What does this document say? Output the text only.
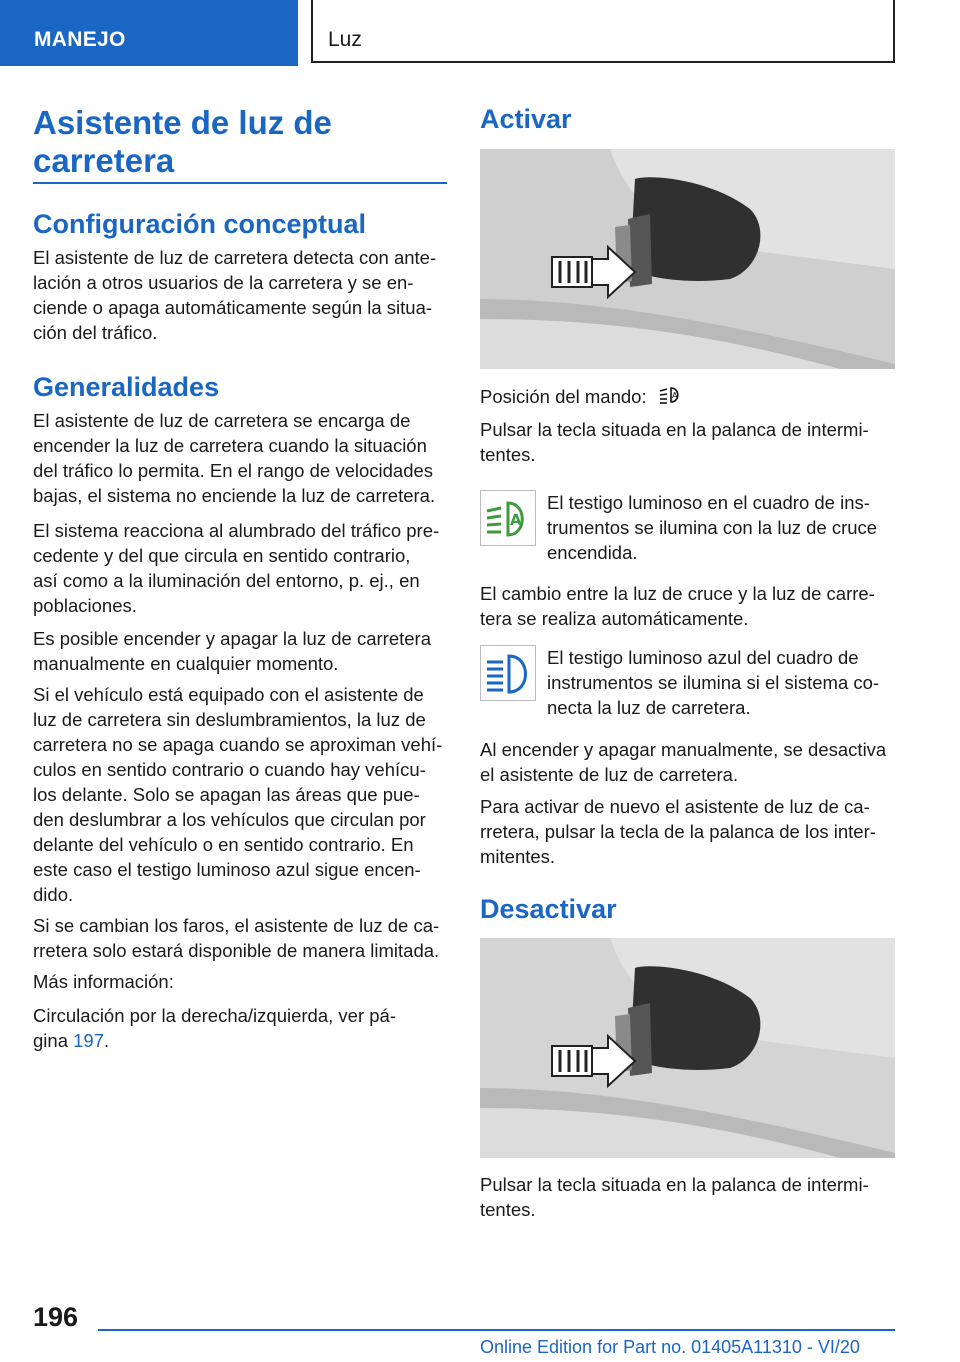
MANEJO	Luz
Asistente de luz de
carretera
Configuración conceptual

El asistente de luz de carretera detecta con ante‐
lación a otros usuarios de la carretera y se en‐
ciende o apaga automáticamente según la situa‐
ción del tráfico.

Generalidades

El asistente de luz de carretera se encarga de
encender la luz de carretera cuando la situación
del tráfico lo permita. En el rango de velocidades
bajas, el sistema no enciende la luz de carretera.

El sistema reacciona al alumbrado del tráfico pre‐
cedente y del que circula en sentido contrario,
así como a la iluminación del entorno, p. ej., en
poblaciones.

Es posible encender y apagar la luz de carretera
manualmente en cualquier momento.

Si el vehículo está equipado con el asistente de
luz de carretera sin deslumbramientos, la luz de
carretera no se apaga cuando se aproximan vehí‐
culos en sentido contrario o cuando hay vehícu‐
los delante. Solo se apagan las áreas que pue‐
den deslumbrar a los vehículos que circulan por
delante del vehículo o en sentido contrario. En
este caso el testigo luminoso azul sigue encen‐
dido.

Si se cambian los faros, el asistente de luz de ca‐
rretera solo estará disponible de manera limitada.

Más información:

Circulación por la derecha/izquierda, ver pá‐
gina 197.

Activar

Posición del mando:	A

Pulsar la tecla situada en la palanca de intermi‐
tentes.

A

El testigo luminoso en el cuadro de ins‐
trumentos se ilumina con la luz de cruce
encendida.

El cambio entre la luz de cruce y la luz de carre‐
tera se realiza automáticamente.

El testigo luminoso azul del cuadro de
instrumentos se ilumina si el sistema co‐
necta la luz de carretera.

Al encender y apagar manualmente, se desactiva
el asistente de luz de carretera.

Para activar de nuevo el asistente de luz de ca‐
rretera, pulsar la tecla de la palanca de los inter‐
mitentes.

Desactivar

Pulsar la tecla situada en la palanca de intermi‐
tentes.

196
Online Edition for Part no. 01405A11310 - VI/20
